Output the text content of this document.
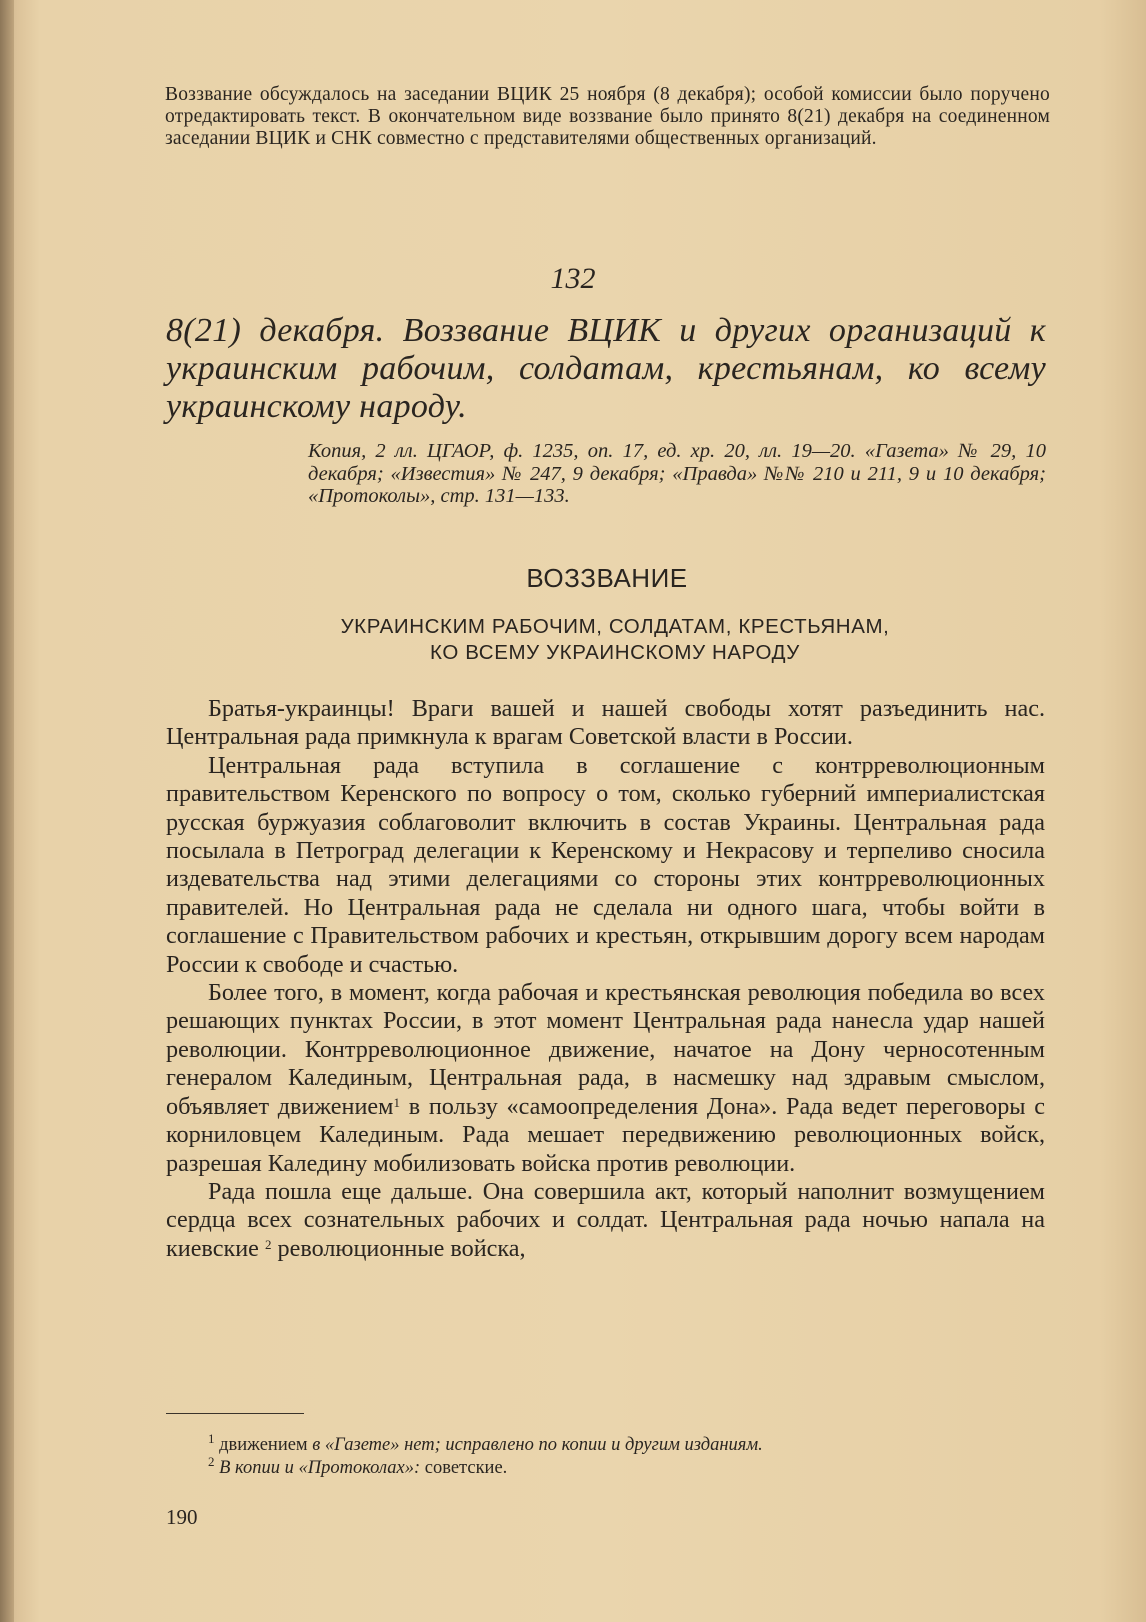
Воззвание обсуждалось на заседании ВЦИК 25 ноября (8 декабря); особой комиссии было поручено отредактировать текст. В окончательном виде воззвание было принято 8(21) декабря на соединенном заседании ВЦИК и СНК совместно с представителями общественных организаций.
132
8(21) декабря. Воззвание ВЦИК и других организаций к украинским рабочим, солдатам, крестьянам, ко всему украинскому народу.
Копия, 2 лл. ЦГАОР, ф. 1235, оп. 17, ед. хр. 20, лл. 19—20. «Газета» № 29, 10 декабря; «Известия» № 247, 9 декабря; «Правда» №№ 210 и 211, 9 и 10 декабря; «Протоколы», стр. 131—133.
ВОЗЗВАНИЕ
УКРАИНСКИМ РАБОЧИМ, СОЛДАТАМ, КРЕСТЬЯНАМ,
КО ВСЕМУ УКРАИНСКОМУ НАРОДУ

Братья-украинцы! Враги вашей и нашей свободы хотят разъединить нас. Центральная рада примкнула к врагам Советской власти в России.

Центральная рада вступила в соглашение с контрреволюционным правительством Керенского по вопросу о том, сколько губерний империалистская русская буржуазия соблаговолит включить в состав Украины. Центральная рада посылала в Петроград делегации к Керенскому и Некрасову и терпеливо сносила издевательства над этими делегациями со стороны этих контрреволюционных правителей. Но Центральная рада не сделала ни одного шага, чтобы войти в соглашение с Правительством рабочих и крестьян, открывшим дорогу всем народам России к свободе и счастью.

Более того, в момент, когда рабочая и крестьянская революция победила во всех решающих пунктах России, в этот момент Центральная рада нанесла удар нашей революции. Контрреволюционное движение, начатое на Дону черносотенным генералом Калединым, Центральная рада, в насмешку над здравым смыслом, объявляет движением$^1$ в пользу «самоопределения Дона». Рада ведет переговоры с корниловцем Калединым. Рада мешает передвижению революционных войск, разрешая Каледину мобилизовать войска против революции.

Рада пошла еще дальше. Она совершила акт, который наполнит возмущением сердца всех сознательных рабочих и солдат. Центральная рада ночью напала на киевские $^2$ революционные войска,

$^1$ движением в «Газете» нет; исправлено по копии и другим изданиям.

$^2$ В копии и «Протоколах»: советские.

190
